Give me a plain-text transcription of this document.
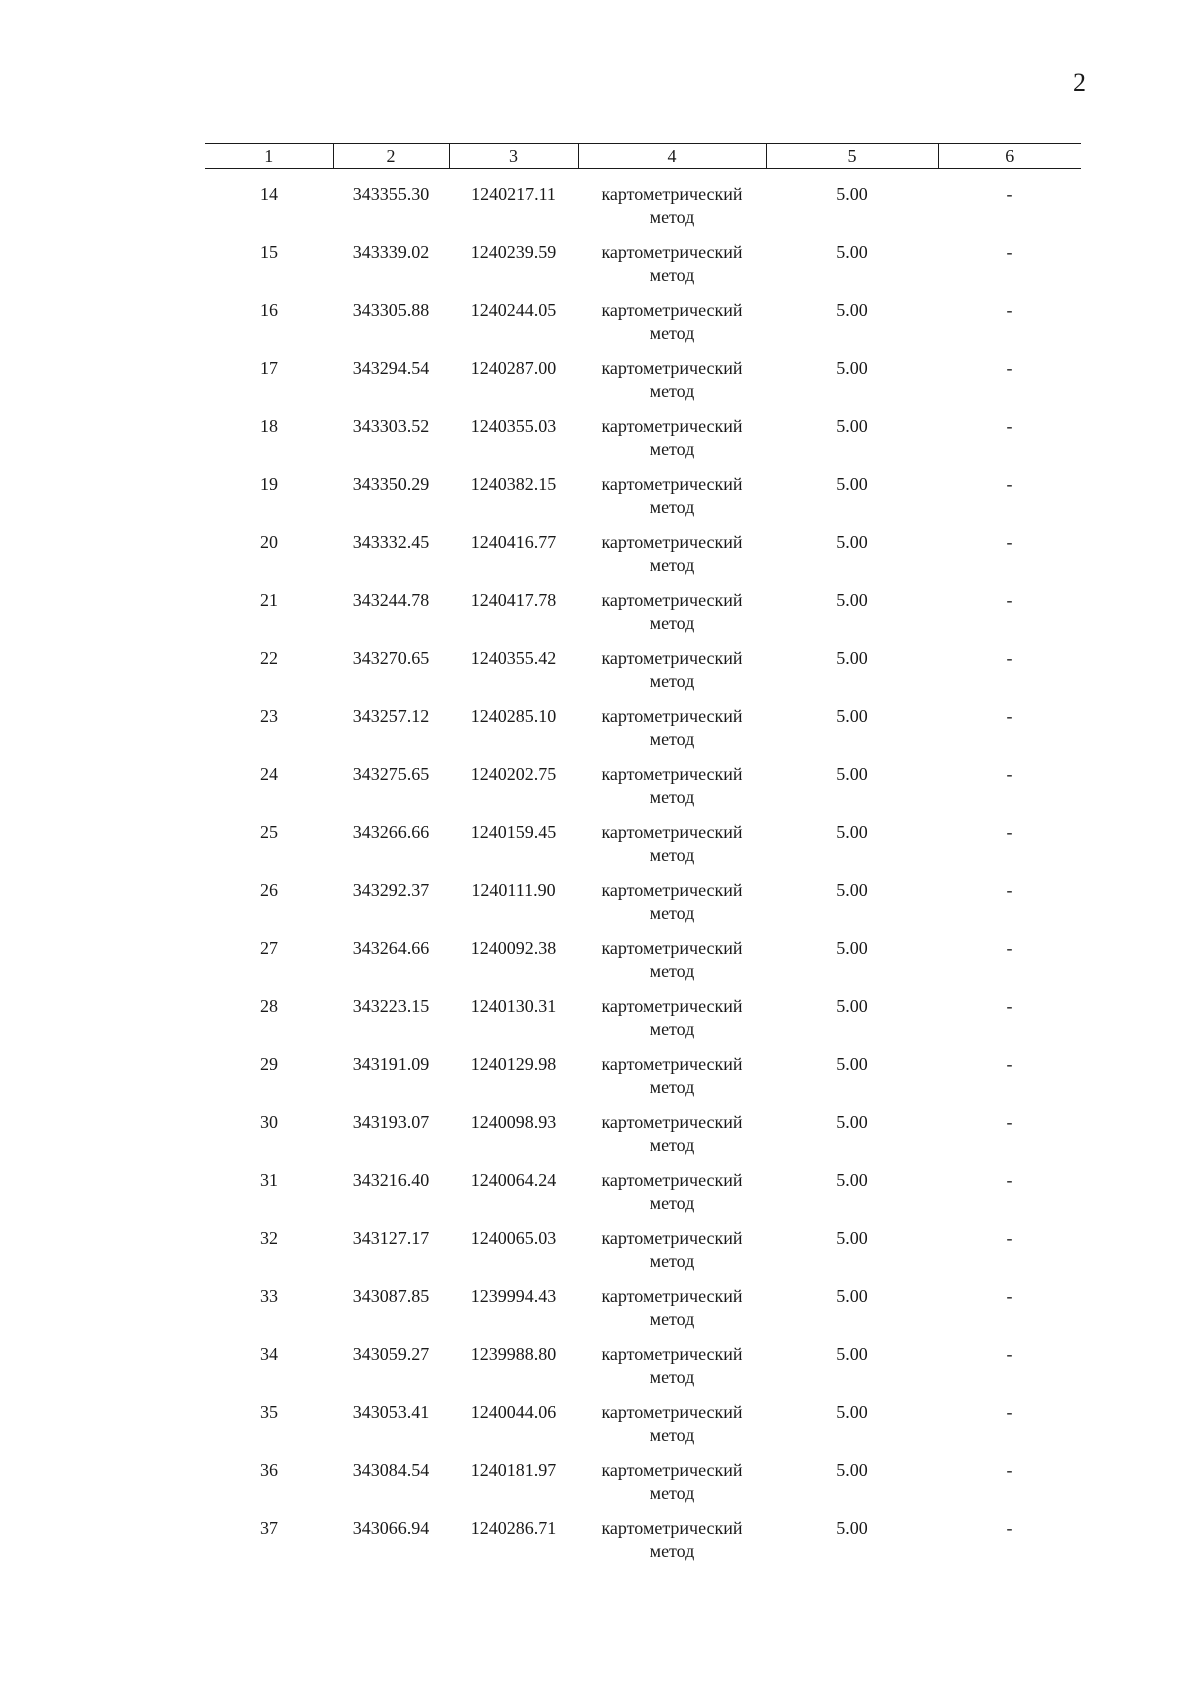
2
1	2	3	4	5	6

14	343355.30	1240217.11	картометрический
метод	5.00	-
15	343339.02	1240239.59	картометрический
метод	5.00	-
16	343305.88	1240244.05	картометрический
метод	5.00	-
17	343294.54	1240287.00	картометрический
метод	5.00	-
18	343303.52	1240355.03	картометрический
метод	5.00	-
19	343350.29	1240382.15	картометрический
метод	5.00	-
20	343332.45	1240416.77	картометрический
метод	5.00	-
21	343244.78	1240417.78	картометрический
метод	5.00	-
22	343270.65	1240355.42	картометрический
метод	5.00	-
23	343257.12	1240285.10	картометрический
метод	5.00	-
24	343275.65	1240202.75	картометрический
метод	5.00	-
25	343266.66	1240159.45	картометрический
метод	5.00	-
26	343292.37	1240111.90	картометрический
метод	5.00	-
27	343264.66	1240092.38	картометрический
метод	5.00	-
28	343223.15	1240130.31	картометрический
метод	5.00	-
29	343191.09	1240129.98	картометрический
метод	5.00	-
30	343193.07	1240098.93	картометрический
метод	5.00	-
31	343216.40	1240064.24	картометрический
метод	5.00	-
32	343127.17	1240065.03	картометрический
метод	5.00	-
33	343087.85	1239994.43	картометрический
метод	5.00	-
34	343059.27	1239988.80	картометрический
метод	5.00	-
35	343053.41	1240044.06	картометрический
метод	5.00	-
36	343084.54	1240181.97	картометрический
метод	5.00	-
37	343066.94	1240286.71	картометрический
метод	5.00	-
